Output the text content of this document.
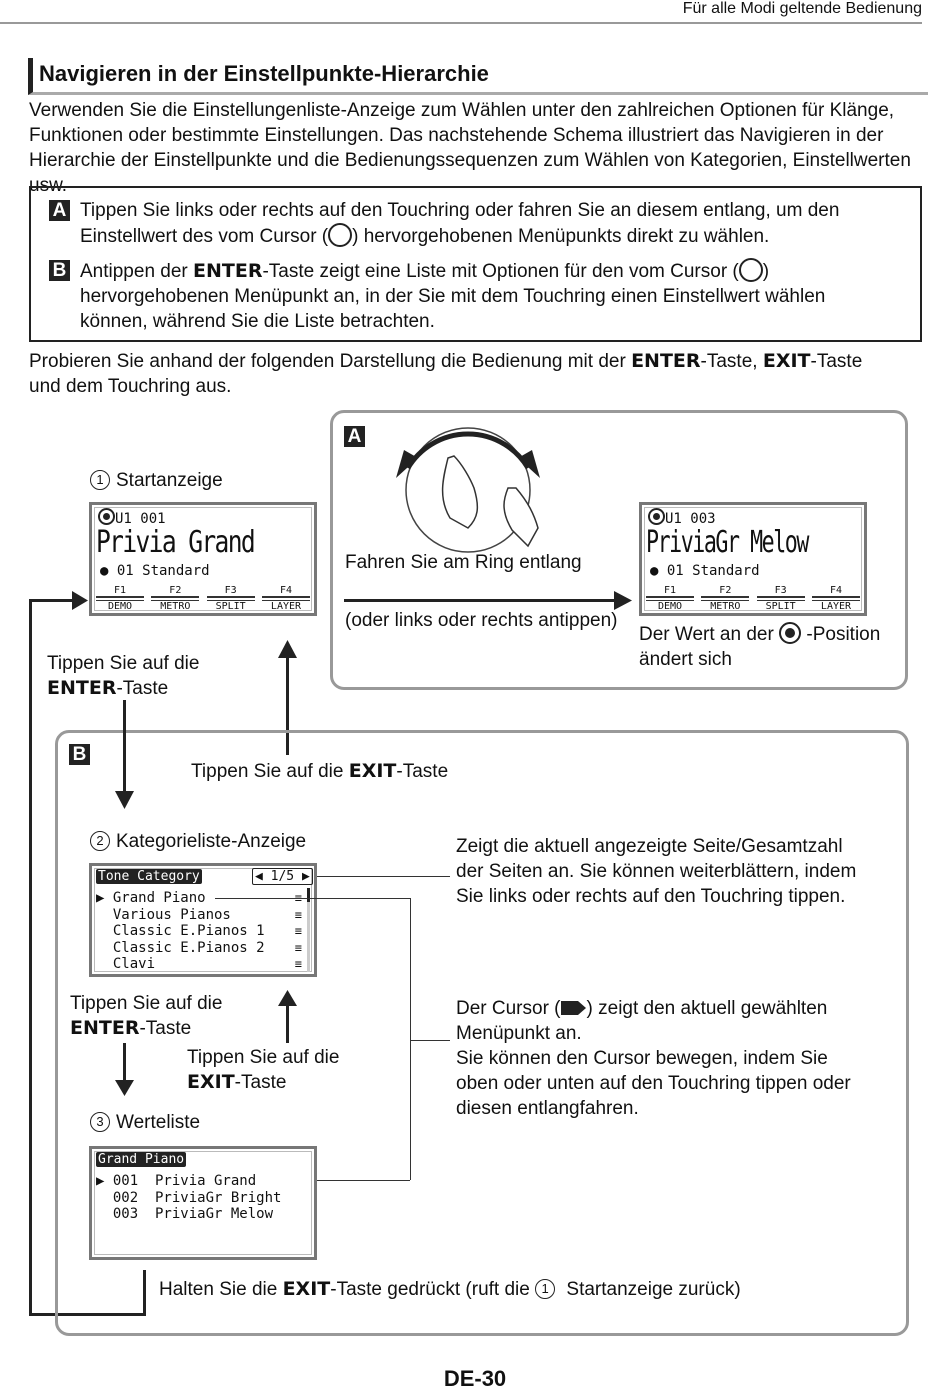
Für alle Modi geltende Bedienung
Navigieren in der Einstellpunkte-Hierarchie
Verwenden Sie die Einstellungenliste-Anzeige zum Wählen unter den zahlreichen Optionen für Klänge,
Funktionen oder bestimmte Einstellungen. Das nachstehende Schema illustriert das Navigieren in der
Hierarchie der Einstellpunkte und die Bedienungssequenzen zum Wählen von Kategorien, Einstellwerten usw.
A Tippen Sie links oder rechts auf den Touchring oder fahren Sie an diesem entlang, um den
Einstellwert des vom Cursor ( ) hervorgehobenen Menüpunkts direkt zu wählen.
B Antippen der ENTER-Taste zeigt eine Liste mit Optionen für den vom Cursor ( )
hervorgehobenen Menüpunkt an, in der Sie mit dem Touchring einen Einstellwert wählen
können, während Sie die Liste betrachten.
Probieren Sie anhand der folgenden Darstellung die Bedienung mit der ENTER-Taste, EXIT-Taste
und dem Touchring aus.
A
1 Startanzeige
U1 001
Privia Grand
● 01 Standard
F1
DEMO
F2
METRO
F3
SPLIT
F4
LAYER
Fahren Sie am Ring entlang
(oder links oder rechts antippen)
U1 003
PriviaGr Melow
● 01 Standard
F1
DEMO
F2
METRO
F3
SPLIT
F4
LAYER
Der Wert an der -Position
ändert sich
Tippen Sie auf die
ENTER-Taste
B
Tippen Sie auf die EXIT-Taste
2 Kategorieliste-Anzeige
Tone Category	◀ 1/5 ▶
▶ Grand Piano
Various Pianos	≡
Classic E.Pianos 1	≡
Classic E.Pianos 2	≡
Clavi	≡
Zeigt die aktuell angezeigte Seite/Gesamtzahl
der Seiten an. Sie können weiterblättern, indem
Sie links oder rechts auf den Touchring tippen.
Der Cursor ( ) zeigt den aktuell gewählten
Menüpunkt an.
Sie können den Cursor bewegen, indem Sie
oben oder unten auf den Touchring tippen oder
diesen entlangfahren.
Tippen Sie auf die
ENTER-Taste
Tippen Sie auf die
EXIT-Taste
3 Werteliste
Grand Piano
▶ 001  Privia Grand
002  PriviaGr Bright
003  PriviaGr Melow
Halten Sie die EXIT-Taste gedrückt (ruft die 1 Startanzeige zurück)
DE-30
